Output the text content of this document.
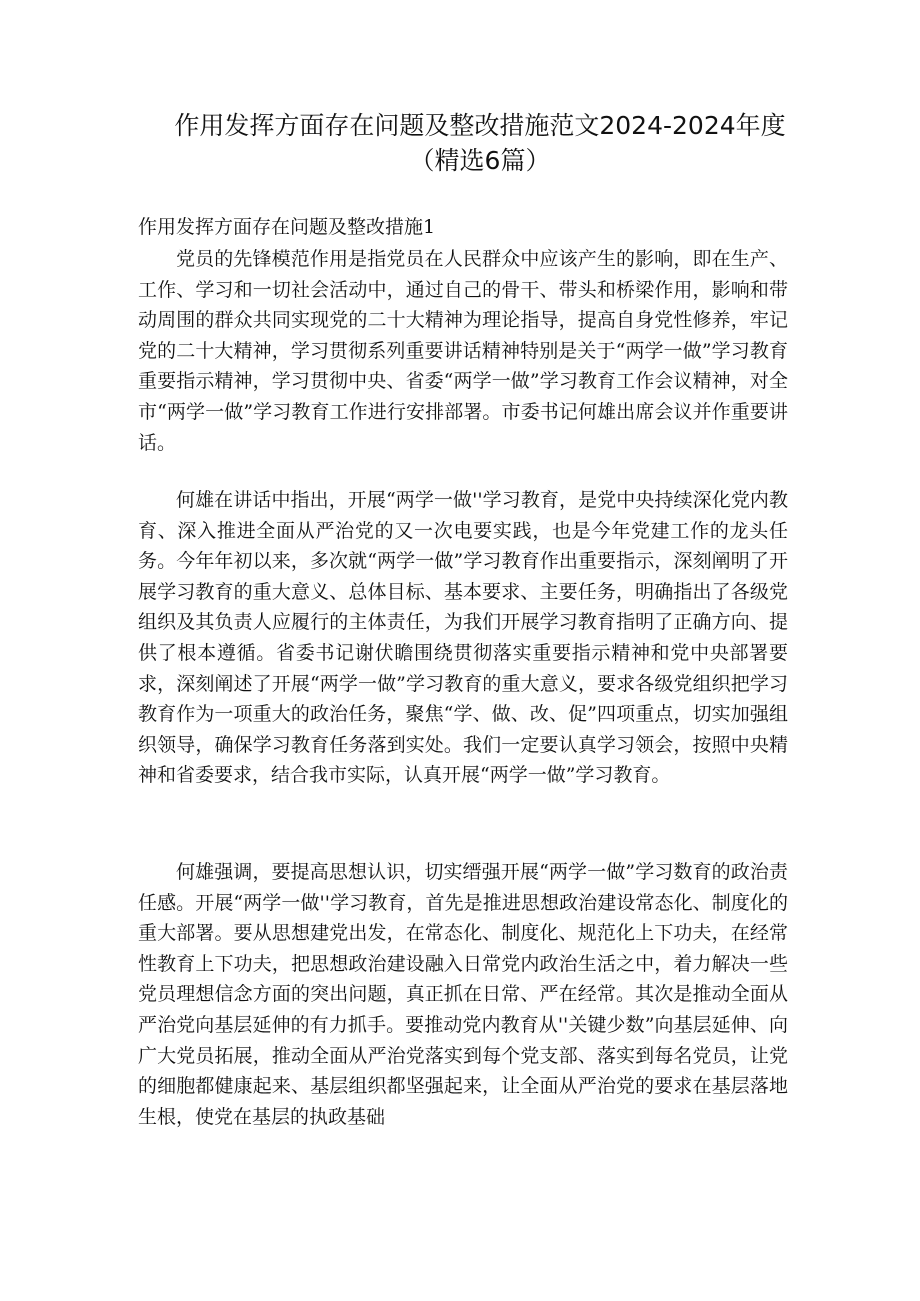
作用发挥方面存在问题及整改措施范文2024-2024年度
（精选6篇）
作用发挥方面存在问题及整改措施1

党员的先锋模范作用是指党员在人民群众中应该产生的影响，即在生产、工作、学习和一切社会活动中，通过自己的骨干、带头和桥梁作用，影响和带动周围的群众共同实现党的二十大精神为理论指导，提高自身党性修养，牢记党的二十大精神，学习贯彻系列重要讲话精神特别是关于“两学一做”学习教育重要指示精神，学习贯彻中央、省委“两学一做”学习教育工作会议精神，对全市“两学一做”学习教育工作进行安排部署。市委书记何雄出席会议并作重要讲话。

何雄在讲话中指出，开展“两学一做''学习教育，是党中央持续深化党内教育、深入推进全面从严治党的又一次电要实践，也是今年党建工作的龙头任务。今年年初以来，多次就“两学一做”学习教育作出重要指示，深刻阐明了开展学习教育的重大意义、总体目标、基本要求、主要任务，明确指出了各级党组织及其负责人应履行的主体责任，为我们开展学习教育指明了正确方向、提供了根本遵循。省委书记谢伏瞻围绕贯彻落实重要指示精神和党中央部署要求，深刻阐述了开展“两学一做”学习教育的重大意义，要求各级党组织把学习教育作为一项重大的政治任务，聚焦“学、做、改、促”四项重点，切实加强组织领导，确保学习教育任务落到实处。我们一定要认真学习领会，按照中央精神和省委要求，结合我市实际，认真开展“两学一做”学习教育。

何雄强调，要提高思想认识，切实缙强开展“两学一做”学习数育的政治责任感。开展“两学一做''学习教育，首先是推进思想政治建设常态化、制度化的重大部署。要从思想建党出发，在常态化、制度化、规范化上下功夫，在经常性教育上下功夫，把思想政治建设融入日常党内政治生活之中，着力解决一些党员理想信念方面的突出问题，真正抓在日常、严在经常。其次是推动全面从严治党向基层延伸的有力抓手。要推动党内教育从''关键少数”向基层延伸、向广大党员拓展，推动全面从严治党落实到每个党支部、落实到每名党员，让党的细胞都健康起来、基层组织都坚强起来，让全面从严治党的要求在基层落地生根，使党在基层的执政基础
